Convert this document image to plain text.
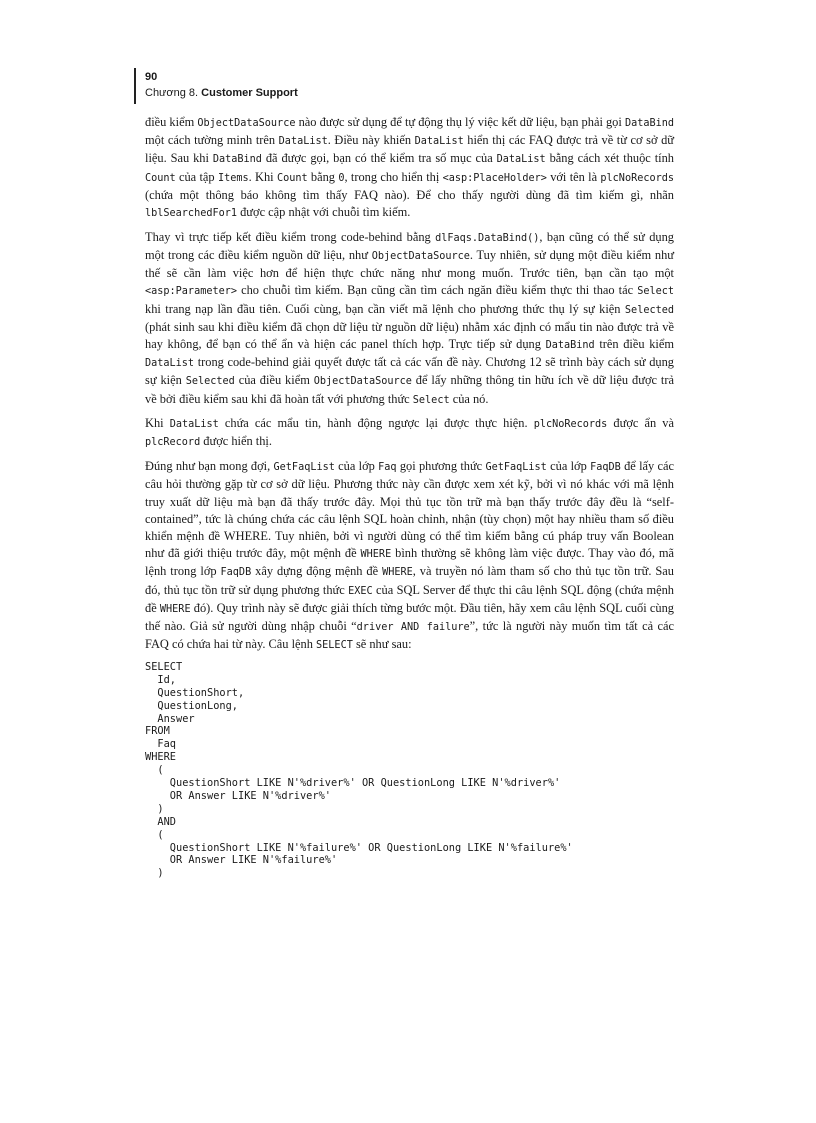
90
Chương 8. Customer Support

điều kiểm ObjectDataSource nào được sử dụng để tự động thụ lý việc kết dữ liệu, bạn phải gọi DataBind một cách tường minh trên DataList. Điều này khiến DataList hiển thị các FAQ được trả về từ cơ sở dữ liệu. Sau khi DataBind đã được gọi, bạn có thể kiểm tra số mục của DataList bằng cách xét thuộc tính Count của tập Items. Khi Count bằng 0, trong cho hiển thị <asp:PlaceHolder> với tên là plcNoRecords (chứa một thông báo không tìm thấy FAQ nào). Để cho thấy người dùng đã tìm kiếm gì, nhãn lblSearchedFor1 được cập nhật với chuỗi tìm kiếm.

Thay vì trực tiếp kết điều kiểm trong code-behind bằng dlFaqs.DataBind(), bạn cũng có thể sử dụng một trong các điều kiểm nguồn dữ liệu, như ObjectDataSource. Tuy nhiên, sử dụng một điều kiểm như thế sẽ cần làm việc hơn để hiện thực chức năng như mong muốn. Trước tiên, bạn cần tạo một <asp:Parameter> cho chuỗi tìm kiếm. Bạn cũng cần tìm cách ngăn điều kiểm thực thi thao tác Select khi trang nạp lần đầu tiên. Cuối cùng, bạn cần viết mã lệnh cho phương thức thụ lý sự kiện Selected (phát sinh sau khi điều kiểm đã chọn dữ liệu từ nguồn dữ liệu) nhằm xác định có mẩu tin nào được trả về hay không, để bạn có thể ẩn và hiện các panel thích hợp. Trực tiếp sử dụng DataBind trên điều kiểm DataList trong code-behind giải quyết được tất cả các vấn đề này. Chương 12 sẽ trình bày cách sử dụng sự kiện Selected của điều kiểm ObjectDataSource để lấy những thông tin hữu ích về dữ liệu được trả về bởi điều kiểm sau khi đã hoàn tất với phương thức Select của nó.

Khi DataList chứa các mẩu tin, hành động ngược lại được thực hiện. plcNoRecords được ẩn và plcRecord được hiển thị.

Đúng như bạn mong đợi, GetFaqList của lớp Faq gọi phương thức GetFaqList của lớp FaqDB để lấy các câu hỏi thường gặp từ cơ sở dữ liệu. Phương thức này cần được xem xét kỹ, bởi vì nó khác với mã lệnh truy xuất dữ liệu mà bạn đã thấy trước đây. Mọi thủ tục tồn trữ mà bạn thấy trước đây đều là “self-contained”, tức là chúng chứa các câu lệnh SQL hoàn chỉnh, nhận (tùy chọn) một hay nhiều tham số điều khiển mệnh đề WHERE. Tuy nhiên, bởi vì người dùng có thể tìm kiếm bằng cú pháp truy vấn Boolean như đã giới thiệu trước đây, một mệnh đề WHERE bình thường sẽ không làm việc được. Thay vào đó, mã lệnh trong lớp FaqDB xây dựng động mệnh đề WHERE, và truyền nó làm tham số cho thủ tục tồn trữ. Sau đó, thủ tục tồn trữ sử dụng phương thức EXEC của SQL Server để thực thi câu lệnh SQL động (chứa mệnh đề WHERE đó). Quy trình này sẽ được giải thích từng bước một. Đầu tiên, hãy xem câu lệnh SQL cuối cùng thế nào. Giả sử người dùng nhập chuỗi “driver AND failure”, tức là người này muốn tìm tất cả các FAQ có chứa hai từ này. Câu lệnh SELECT sẽ như sau:

SELECT
Id,
QuestionShort,
QuestionLong,
Answer
FROM
Faq
WHERE
(
QuestionShort LIKE N'%driver%' OR QuestionLong LIKE N'%driver%'
OR Answer LIKE N'%driver%'
)
AND
(
QuestionShort LIKE N'%failure%' OR QuestionLong LIKE N'%failure%'
OR Answer LIKE N'%failure%'
)
